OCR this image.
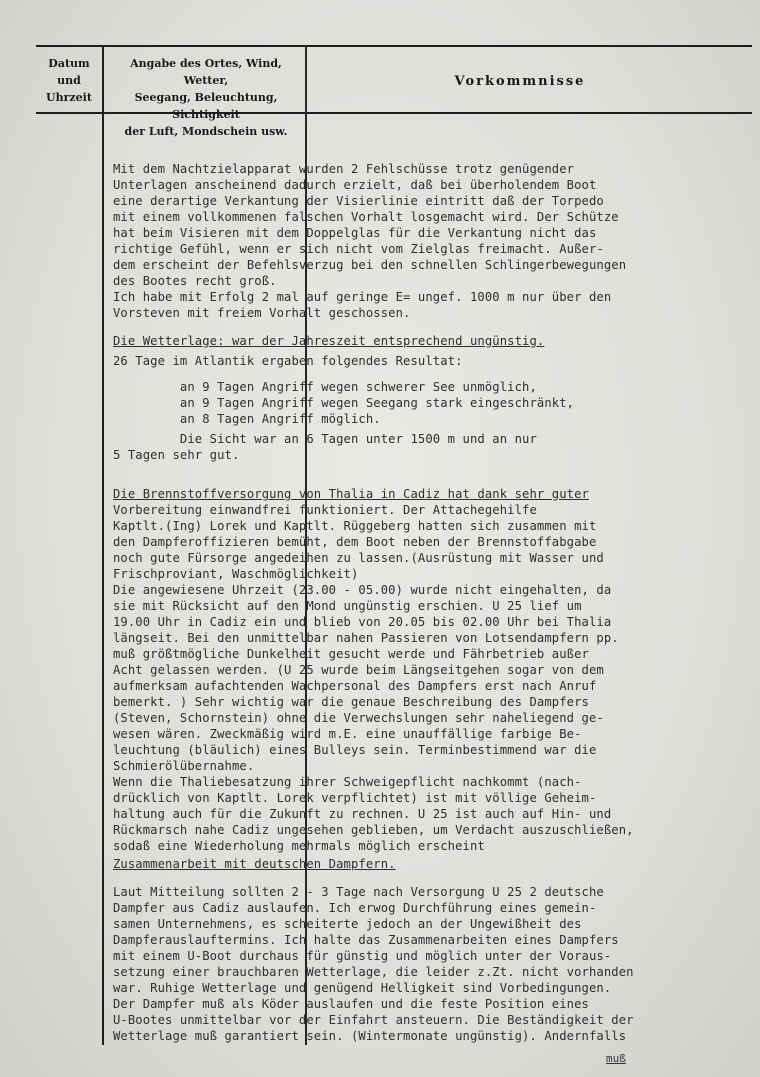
Datum
und
Uhrzeit
Angabe des Ortes, Wind, Wetter,
Seegang, Beleuchtung, Sichtigkeit
der Luft, Mondschein usw.
Vorkommnisse
Mit dem Nachtzielapparat wurden 2 Fehlschüsse trotz genügender
Unterlagen anscheinend dadurch erzielt, daß bei überholendem Boot
eine derartige Verkantung der Visierlinie eintritt daß der Torpedo
mit einem vollkommenen falschen Vorhalt losgemacht wird. Der Schütze
hat beim Visieren mit dem Doppelglas für die Verkantung nicht das
richtige Gefühl, wenn er sich nicht vom Zielglas freimacht. Außer-
dem erscheint der Befehlsverzug bei den schnellen Schlingerbewegungen
des Bootes recht groß.
Ich habe mit Erfolg 2 mal auf geringe E= ungef. 1000 m nur über den
Vorsteven mit freiem Vorhalt geschossen.
Die Wetterlage: war der Jahreszeit entsprechend ungünstig.
26 Tage im Atlantik ergaben folgendes Resultat:
an 9 Tagen Angriff wegen schwerer See unmöglich,
an 9 Tagen Angriff wegen Seegang stark eingeschränkt,
an 8 Tagen Angriff möglich.
Die Sicht war an 6 Tagen unter 1500 m und an nur
5 Tagen sehr gut.
Die Brennstoffversorgung von Thalia in Cadiz hat dank sehr guter
Vorbereitung einwandfrei funktioniert. Der Attachegehilfe
Kaptlt.(Ing) Lorek und Kaptlt. Rüggeberg hatten sich zusammen mit
den Dampferoffizieren bemüht, dem Boot neben der Brennstoffabgabe
noch gute Fürsorge angedeihen zu lassen.(Ausrüstung mit Wasser und
Frischproviant, Waschmöglichkeit)
Die angewiesene Uhrzeit (23.00 - 05.00) wurde nicht eingehalten, da
sie mit Rücksicht auf den Mond ungünstig erschien. U 25 lief um
19.00 Uhr in Cadiz ein und blieb von 20.05 bis 02.00 Uhr bei Thalia
längseit. Bei den unmittelbar nahen Passieren von Lotsendampfern pp.
muß größtmögliche Dunkelheit gesucht werde und Fährbetrieb außer
Acht gelassen werden. (U 25 wurde beim Längseitgehen sogar von dem
aufmerksam aufachtenden Wachpersonal des Dampfers erst nach Anruf
bemerkt. ) Sehr wichtig war die genaue Beschreibung des Dampfers
(Steven, Schornstein) ohne die Verwechslungen sehr naheliegend ge-
wesen wären. Zweckmäßig wird m.E. eine unauffällige farbige Be-
leuchtung (bläulich) eines Bulleys sein. Terminbestimmend war die
Schmierölübernahme.
Wenn die Thaliebesatzung ihrer Schweigepflicht nachkommt (nach-
drücklich von Kaptlt. Lorek verpflichtet) ist mit völlige Geheim-
haltung auch für die Zukunft zu rechnen. U 25 ist auch auf Hin- und
Rückmarsch nahe Cadiz ungesehen geblieben, um Verdacht auszuschließen,
sodaß eine Wiederholung mehrmals möglich erscheint
Zusammenarbeit mit deutschen Dampfern.
Laut Mitteilung sollten 2 - 3 Tage nach Versorgung U 25 2 deutsche
Dampfer aus Cadiz auslaufen. Ich erwog Durchführung eines gemein-
samen Unternehmens, es scheiterte jedoch an der Ungewißheit des
Dampferauslauftermins. Ich halte das Zusammenarbeiten eines Dampfers
mit einem U-Boot durchaus für günstig und möglich unter der Voraus-
setzung einer brauchbaren Wetterlage, die leider z.Zt. nicht vorhanden
war. Ruhige Wetterlage und genügend Helligkeit sind Vorbedingungen.
Der Dampfer muß als Köder auslaufen und die feste Position eines
U-Bootes unmittelbar vor der Einfahrt ansteuern. Die Beständigkeit der
Wetterlage muß garantiert sein. (Wintermonate ungünstig). Andernfalls
muß
